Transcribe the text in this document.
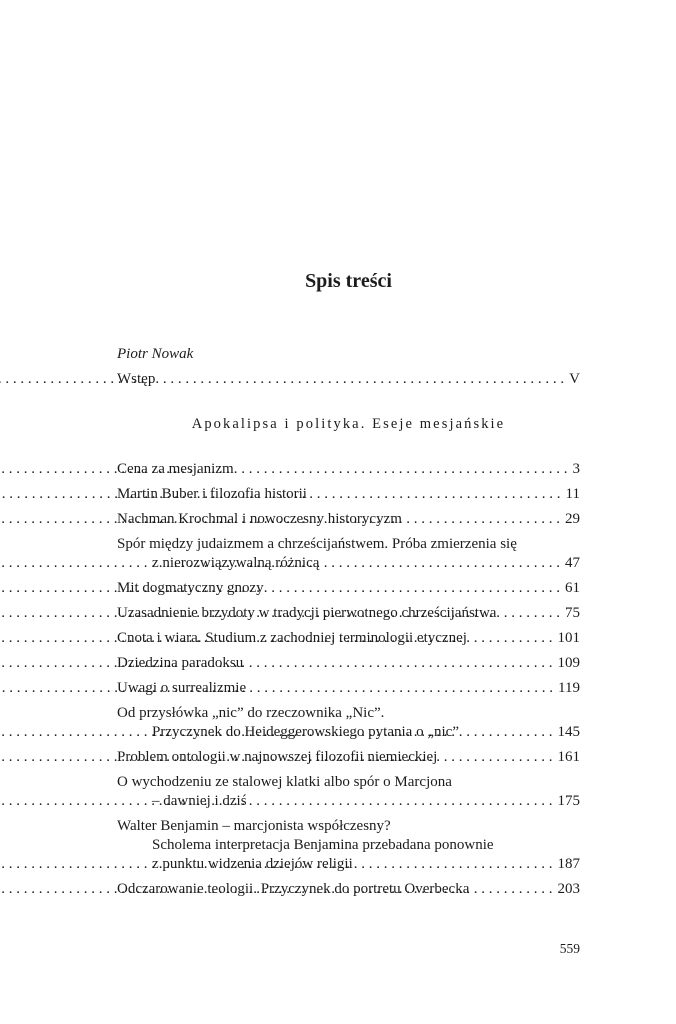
Spis treści
Piotr Nowak
Wstęp . . .	V
Apokalipsa i polityka. Eseje mesjańskie
Cena za mesjanizm . . .	3
Martin Buber i filozofia historii . . .	11
Nachman Krochmal i nowoczesny historycyzm . . .	29
Spór między judaizmem a chrześcijaństwem. Próba zmierzenia się
z nierozwiązywalną różnicą . . .	47
Mit dogmatyczny gnozy . . .	61
Uzasadnienie brzydoty w tradycji pierwotnego chrześcijaństwa . . .	75
Cnota i wiara. Studium z zachodniej terminologii etycznej . . .	101
Dziedzina paradoksu . . .	109
Uwagi o surrealizmie . . .	119
Od przysłówka „nic” do rzeczownika „Nic”.
Przyczynek do Heideggerowskiego pytania o „nic” . . .	145
Problem ontologii w najnowszej filozofii niemieckiej . . .	161
O wychodzeniu ze stalowej klatki albo spór o Marcjona
– dawniej i dziś . . .	175
Walter Benjamin – marcjonista współczesny?
Scholema interpretacja Benjamina przebadana ponownie
z punktu widzenia dziejów religii . . .	187
Odczarowanie teologii. Przyczynek do portretu Overbecka . . .	203
559
